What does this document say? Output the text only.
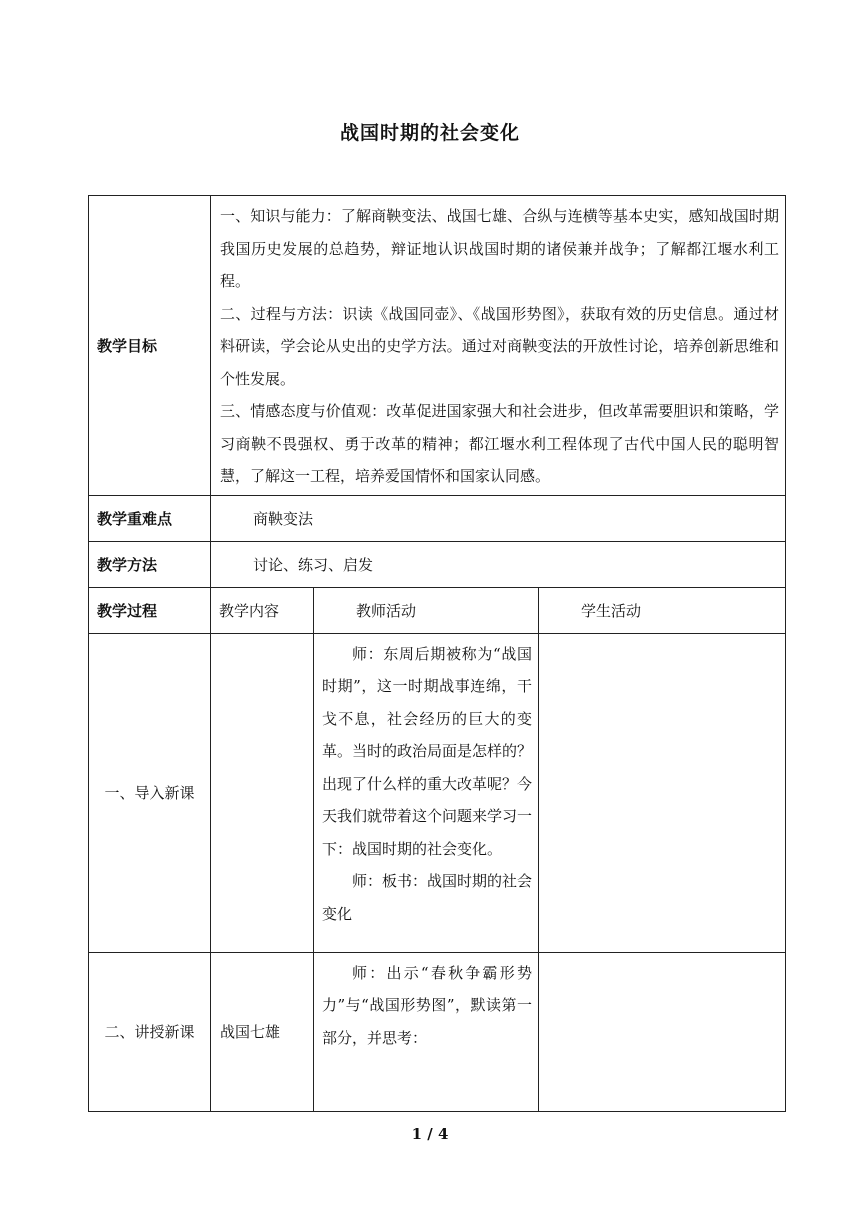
战国时期的社会变化
教学目标	一、知识与能力：了解商鞅变法、战国七雄、合纵与连横等基本史实，感知战国时期我国历史发展的总趋势，辩证地认识战国时期的诸侯兼并战争；了解都江堰水利工程。

二、过程与方法：识读《战国同壶》、《战国形势图》，获取有效的历史信息。通过材料研读，学会论从史出的史学方法。通过对商鞅变法的开放性讨论，培养创新思维和个性发展。

三、情感态度与价值观：改革促进国家强大和社会进步，但改革需要胆识和策略，学习商鞅不畏强权、勇于改革的精神；都江堰水利工程体现了古代中国人民的聪明智慧，了解这一工程，培养爱国情怀和国家认同感。		

教学重难点	商鞅变法		
教学方法	讨论、练习、启发		
教学过程	教学内容	教师活动	学生活动
一、导入新课		师：东周后期被称为“战国时期”，这一时期战事连绵，干戈不息，社会经历的巨大的变革。当时的政治局面是怎样的？出现了什么样的重大改革呢？今天我们就带着这个问题来学习一下：战国时期的社会变化。
师：板书：战国时期的社会变化	

二、讲授新课	战国七雄	师：出示“春秋争霸形势力”与“战国形势图”，默读第一部分，并思考：	

1 / 4
